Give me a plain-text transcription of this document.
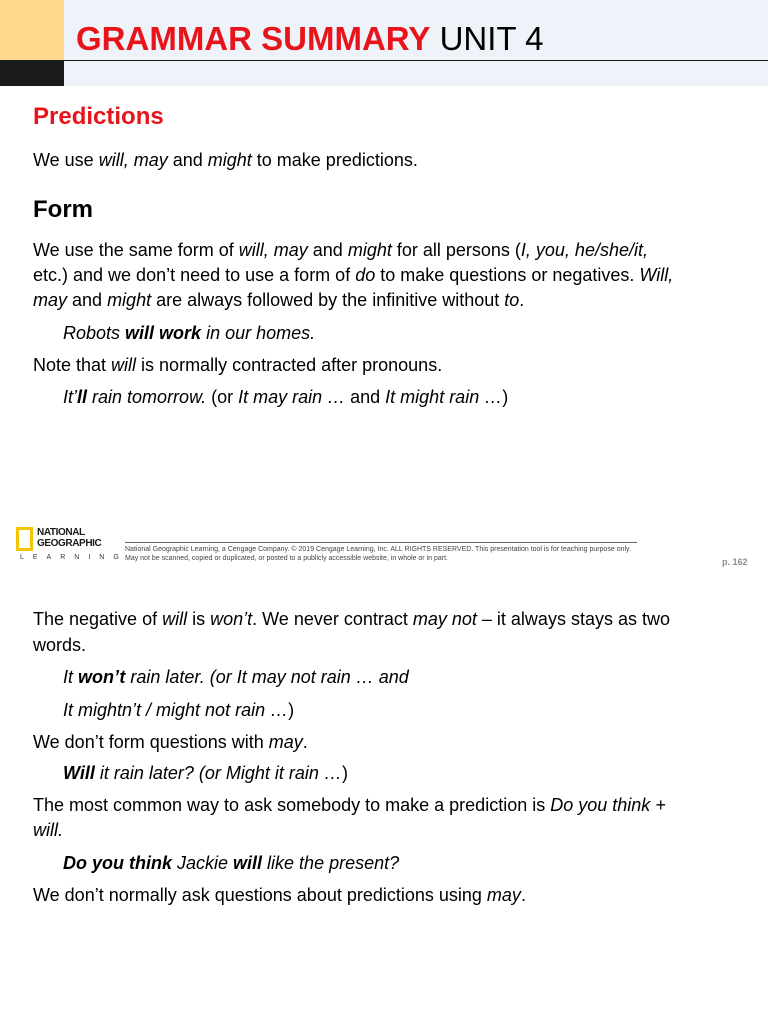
GRAMMAR SUMMARY UNIT 4
Predictions
We use will, may and might to make predictions.
Form
We use the same form of will, may and might for all persons (I, you, he/she/it,
etc.) and we don’t need to use a form of do to make questions or negatives. Will,
may and might are always followed by the infinitive without to.
Robots will work in our homes.
Note that will is normally contracted after pronouns.
It’ll rain tomorrow. (or It may rain … and It might rain …)
NATIONAL
GEOGRAPHIC
LEARNING
National Geographic Learning, a Cengage Company. © 2019 Cengage Learning, Inc. ALL RIGHTS RESERVED. This presentation tool is for teaching purpose only. May not be scanned, copied or duplicated, or posted to a publicly accessible website, in whole or in part.	p. 162
The negative of will is won’t. We never contract may not – it always stays as two
words.
It won’t rain later. (or It may not rain … and
It mightn’t / might not rain …)
We don’t form questions with may.
Will it rain later? (or Might it rain …)
The most common way to ask somebody to make a prediction is Do you think +
will.
Do you think Jackie will like the present?
We don’t normally ask questions about predictions using may.
